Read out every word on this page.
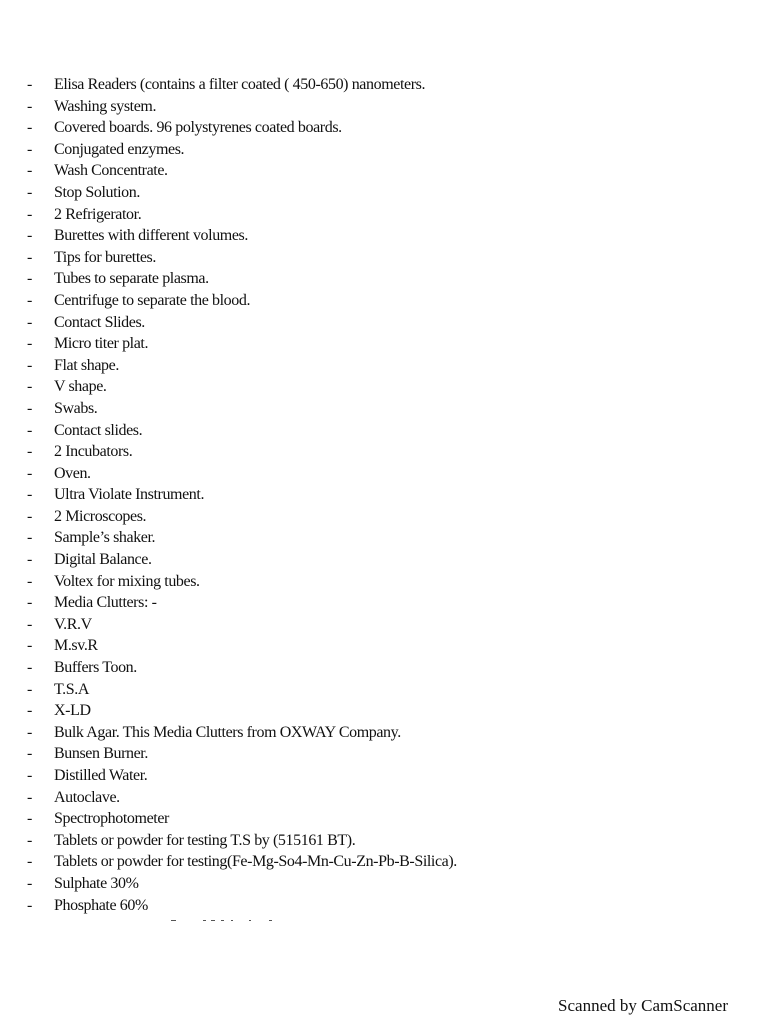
-	Elisa Readers (contains a filter coated ( 450-650) nanometers.
-	Washing system.
-	Covered boards. 96 polystyrenes coated boards.
-	Conjugated enzymes.
-	Wash Concentrate.
-	Stop Solution.
-	2 Refrigerator.
-	Burettes with different volumes.
-	Tips for burettes.
-	Tubes to separate plasma.
-	Centrifuge to separate the blood.
-	Contact Slides.
-	Micro titer plat.
-	Flat shape.
-	V shape.
-	Swabs.
-	Contact slides.
-	2 Incubators.
-	Oven.
-	Ultra Violate Instrument.
-	2 Microscopes.
-	Sample’s shaker.
-	Digital Balance.
-	Voltex for mixing tubes.
-	Media Clutters: -
-	V.R.V
-	M.sv.R
-	Buffers Toon.
-	T.S.A
-	X-LD
-	Bulk Agar. This Media Clutters from OXWAY Company.
-	Bunsen Burner.
-	Distilled Water.
-	Autoclave.
-	Spectrophotometer
-	Tablets or powder for testing T.S by (515161 BT).
-	Tablets or powder for testing(Fe-Mg-So4-Mn-Cu-Zn-Pb-B-Silica).
-	Sulphate 30%
-	Phosphate 60%
Scanned by CamScanner
